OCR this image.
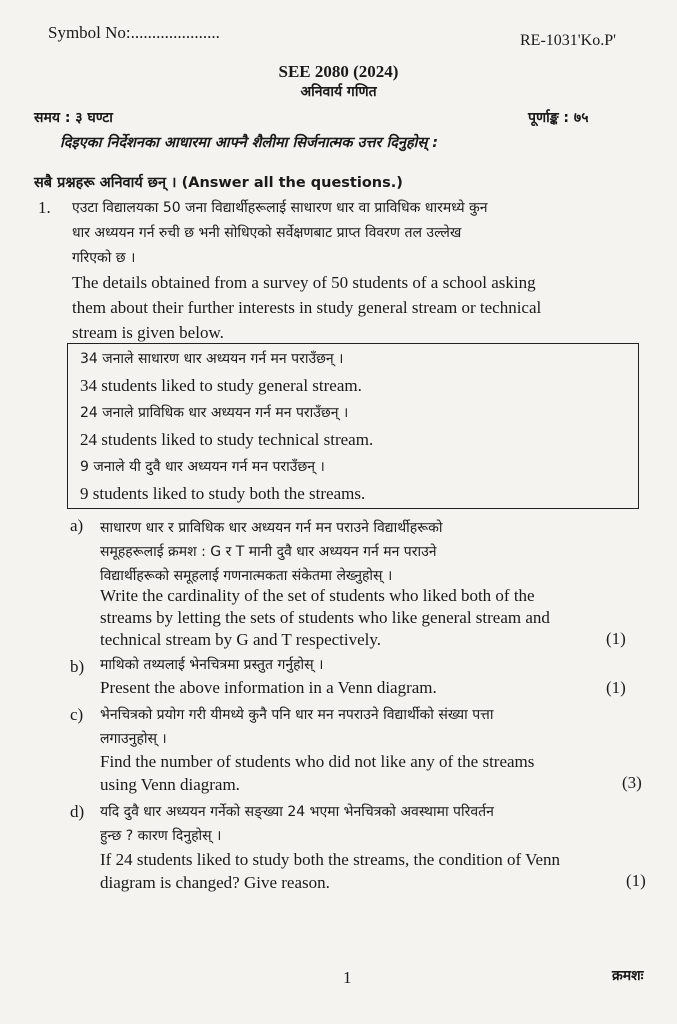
Symbol No:.....................	RE-1031'Ko.P'
SEE 2080 (2024)
अनिवार्य गणित
समय : ३ घण्टा	पूर्णाङ्क : ७५
दिइएका निर्देशनका आधारमा आफ्नै शैलीमा सिर्जनात्मक उत्तर दिनुहोस् :
सबै प्रश्नहरू अनिवार्य छन् । (Answer all the questions.)
1. एउटा विद्यालयका 50 जना विद्यार्थीहरूलाई साधारण धार वा प्राविधिक धारमध्ये कुन
धार अध्ययन गर्न रुची छ भनी सोधिएको सर्वेक्षणबाट प्राप्त विवरण तल उल्लेख
गरिएको छ ।
The details obtained from a survey of 50 students of a school asking
them about their further interests in study general stream or technical
stream is given below.
34 जनाले साधारण धार अध्ययन गर्न मन पराउँछन् ।
34 students liked to study general stream.
24 जनाले प्राविधिक धार अध्ययन गर्न मन पराउँछन् ।
24 students liked to study technical stream.
9 जनाले यी दुवै धार अध्ययन गर्न मन पराउँछन् ।
9 students liked to study both the streams.
a) साधारण धार र प्राविधिक धार अध्ययन गर्न मन पराउने विद्यार्थीहरूको
समूहहरूलाई क्रमश : G र T मानी दुवै धार अध्ययन गर्न मन पराउने
विद्यार्थीहरूको समूहलाई गणनात्मकता संकेतमा लेख्नुहोस् ।
Write the cardinality of the set of students who liked both of the
streams by letting the sets of students who like general stream and
technical stream by G and T respectively.	(1)
b) माथिको तथ्यलाई भेनचित्रमा प्रस्तुत गर्नुहोस् ।
Present the above information in a Venn diagram.	(1)
c) भेनचित्रको प्रयोग गरी यीमध्ये कुनै पनि धार मन नपराउने विद्यार्थीको संख्या पत्ता
लगाउनुहोस् ।
Find the number of students who did not like any of the streams
using Venn diagram.	(3)
d) यदि दुवै धार अध्ययन गर्नेको सङ्ख्या 24 भएमा भेनचित्रको अवस्थामा परिवर्तन
हुन्छ ? कारण दिनुहोस् ।
If 24 students liked to study both the streams, the condition of Venn
diagram is changed? Give reason.	(1)
1	क्रमशः
